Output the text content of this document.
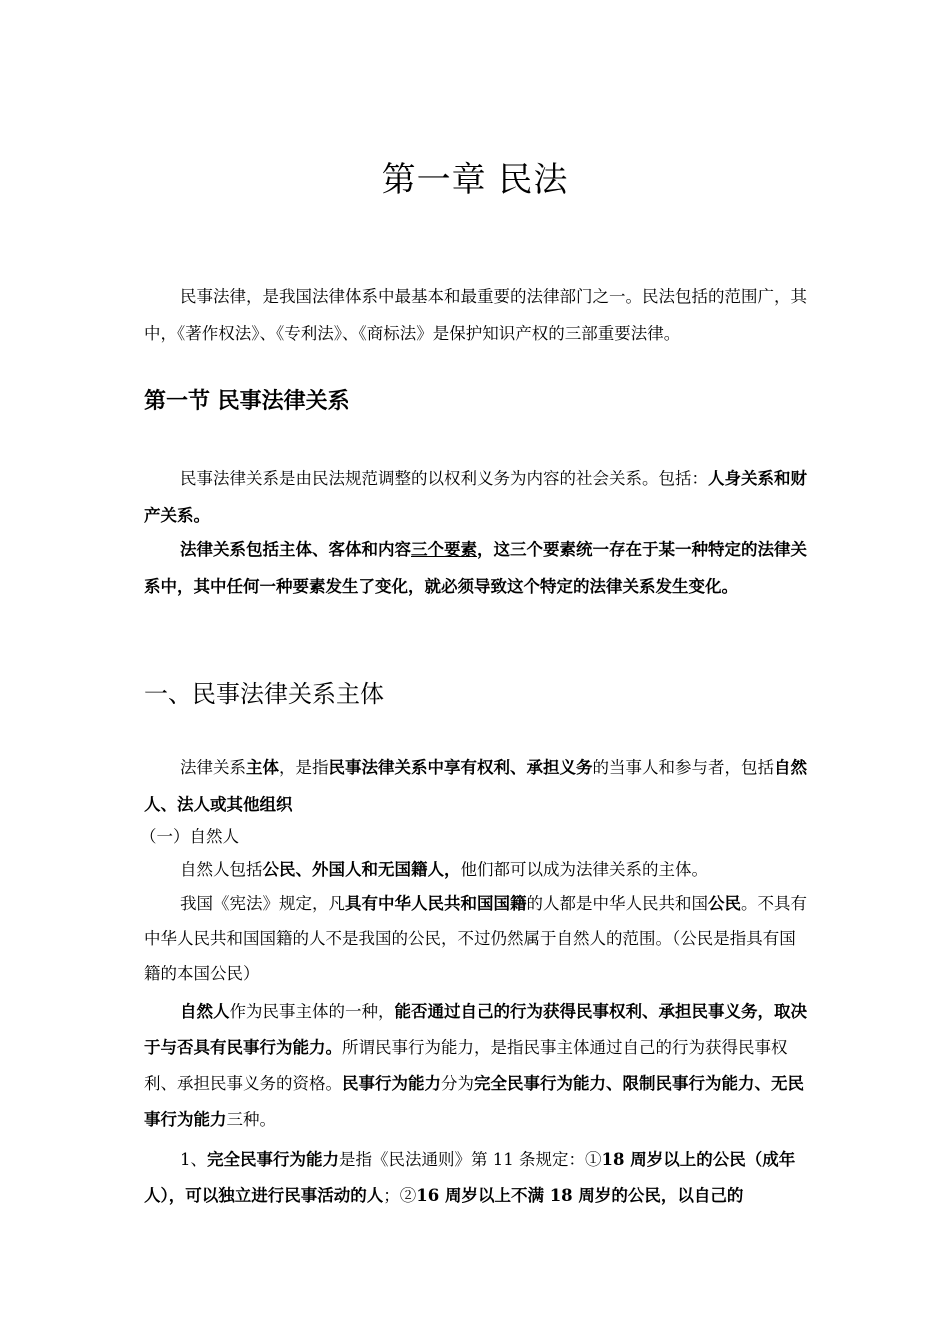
第一章 民法
民事法律，是我国法律体系中最基本和最重要的法律部门之一。民法包括的范围广，其中，《著作权法》、《专利法》、《商标法》是保护知识产权的三部重要法律。
第一节 民事法律关系
民事法律关系是由民法规范调整的以权利义务为内容的社会关系。包括：人身关系和财产关系。
法律关系包括主体、客体和内容三个要素，这三个要素统一存在于某一种特定的法律关系中，其中任何一种要素发生了变化，就必须导致这个特定的法律关系发生变化。
一、民事法律关系主体
法律关系主体，是指民事法律关系中享有权利、承担义务的当事人和参与者，包括自然人、法人或其他组织
（一）自然人
自然人包括公民、外国人和无国籍人，他们都可以成为法律关系的主体。
我国《宪法》规定，凡具有中华人民共和国国籍的人都是中华人民共和国公民。不具有中华人民共和国国籍的人不是我国的公民，不过仍然属于自然人的范围。（公民是指具有国籍的本国公民）
自然人作为民事主体的一种，能否通过自己的行为获得民事权利、承担民事义务，取决于与否具有民事行为能力。所谓民事行为能力，是指民事主体通过自己的行为获得民事权利、承担民事义务的资格。民事行为能力分为完全民事行为能力、限制民事行为能力、无民事行为能力三种。
1、完全民事行为能力是指《民法通则》第 11 条规定：①18 周岁以上的公民（成年人），可以独立进行民事活动的人；②16 周岁以上不满 18 周岁的公民，以自己的
